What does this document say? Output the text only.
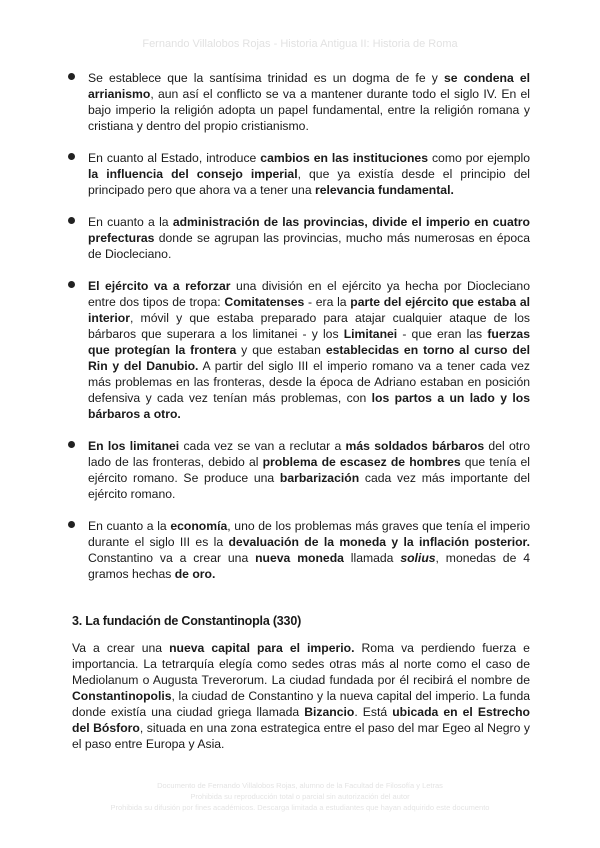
Fernando Villalobos Rojas - Historia Antigua II: Historia de Roma
Se establece que la santísima trinidad es un dogma de fe y se condena el arrianismo, aun así el conflicto se va a mantener durante todo el siglo IV. En el bajo imperio la religión adopta un papel fundamental, entre la religión romana y cristiana y dentro del propio cristianismo.
En cuanto al Estado, introduce cambios en las instituciones como por ejemplo la influencia del consejo imperial, que ya existía desde el principio del principado pero que ahora va a tener una relevancia fundamental.
En cuanto a la administración de las provincias, divide el imperio en cuatro prefecturas donde se agrupan las provincias, mucho más numerosas en época de Diocleciano.
El ejército va a reforzar una división en el ejército ya hecha por Diocleciano entre dos tipos de tropa: Comitatenses - era la parte del ejército que estaba al interior, móvil y que estaba preparado para atajar cualquier ataque de los bárbaros que superara a los limitanei - y los Limitanei - que eran las fuerzas que protegían la frontera y que estaban establecidas en torno al curso del Rin y del Danubio. A partir del siglo III el imperio romano va a tener cada vez más problemas en las fronteras, desde la época de Adriano estaban en posición defensiva y cada vez tenían más problemas, con los partos a un lado y los bárbaros a otro.
En los limitanei cada vez se van a reclutar a más soldados bárbaros del otro lado de las fronteras, debido al problema de escasez de hombres que tenía el ejército romano. Se produce una barbarización cada vez más importante del ejército romano.
En cuanto a la economía, uno de los problemas más graves que tenía el imperio durante el siglo III es la devaluación de la moneda y la inflación posterior. Constantino va a crear una nueva moneda llamada solius, monedas de 4 gramos hechas de oro.
3. La fundación de Constantinopla (330)
Va a crear una nueva capital para el imperio. Roma va perdiendo fuerza e importancia. La tetrarquía elegía como sedes otras más al norte como el caso de Mediolanum o Augusta Treverorum. La ciudad fundada por él recibirá el nombre de Constantinopolis, la ciudad de Constantino y la nueva capital del imperio. La funda donde existía una ciudad griega llamada Bizancio. Está ubicada en el Estrecho del Bósforo, situada en una zona estrategica entre el paso del mar Egeo al Negro y el paso entre Europa y Asia.
Documento de Fernando Villalobos Rojas, alumno de la Facultad de Filosofía y Letras
Prohibida su reproducción total o parcial sin autorización del autor
Prohibida su difusión por fines académicos. Descarga limitada a estudiantes que hayan adquirido este documento
